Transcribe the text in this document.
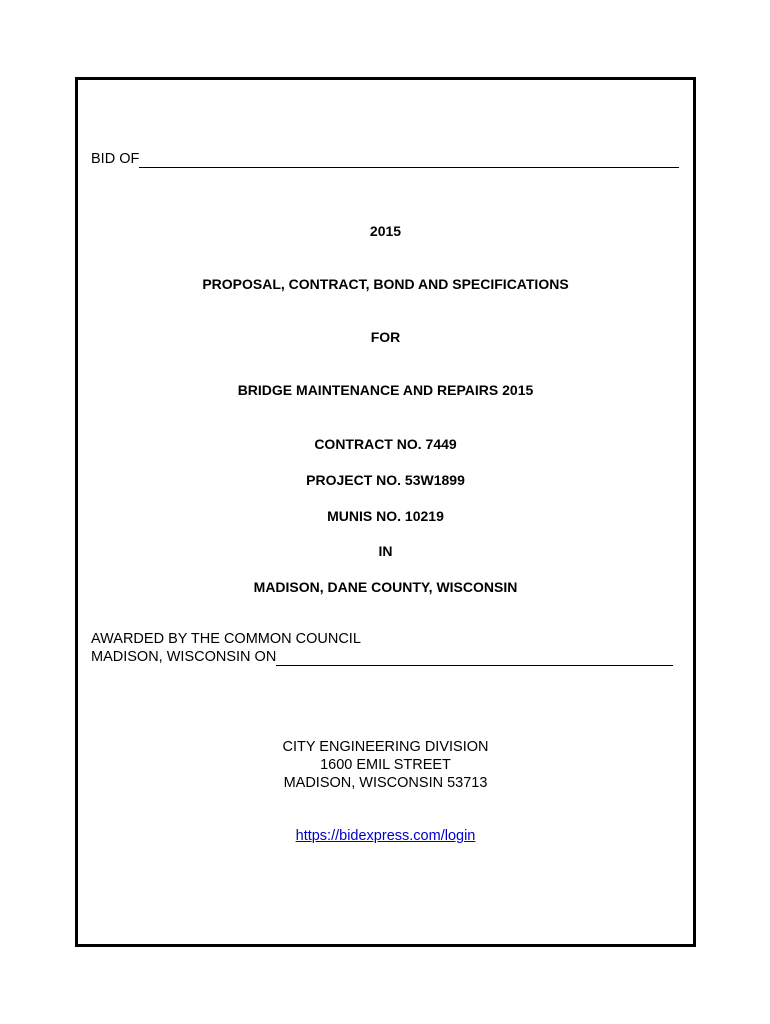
BID OF
2015
PROPOSAL, CONTRACT, BOND AND SPECIFICATIONS
FOR
BRIDGE MAINTENANCE AND REPAIRS 2015
CONTRACT NO. 7449
PROJECT NO. 53W1899
MUNIS NO. 10219
IN
MADISON, DANE COUNTY, WISCONSIN
AWARDED BY THE COMMON COUNCIL
MADISON, WISCONSIN ON
CITY ENGINEERING DIVISION
1600 EMIL STREET
MADISON, WISCONSIN 53713
https://bidexpress.com/login
